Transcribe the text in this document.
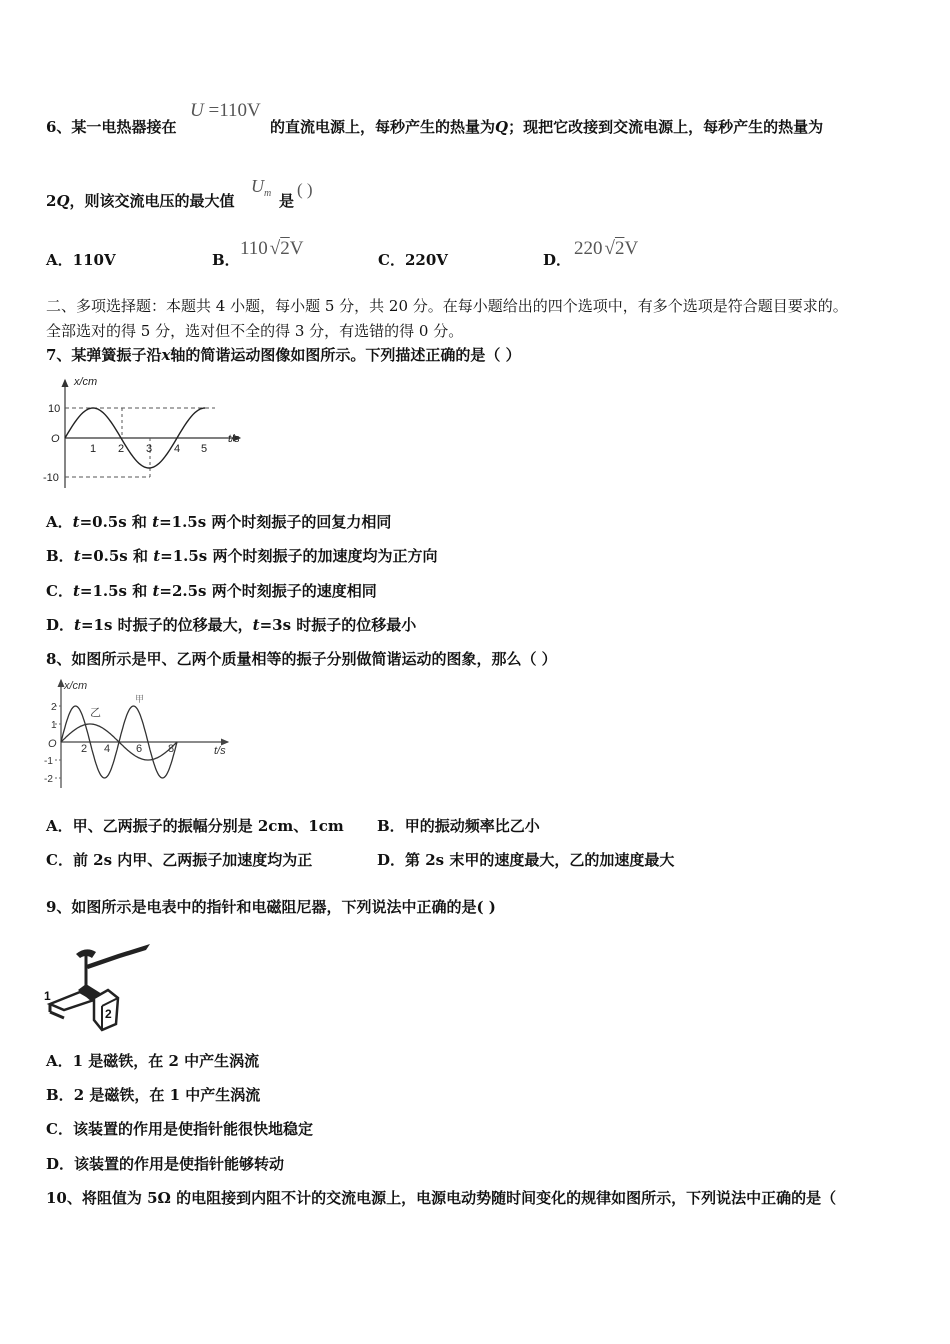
6、某一电热器接在
U =110V
的直流电源上，每秒产生的热量为Q；现把它改接到交流电源上，每秒产生的热量为
2Q，则该交流电压的最大值
$U_m$ 是
( )
A．110V	B．
110 √2V
C．220V	D．
220 √2V
二、多项选择题：本题共 4 小题，每小题 5 分，共 20 分。在每小题给出的四个选项中，有多个选项是符合题目要求的。
全部选对的得 5 分，选对但不全的得 3 分，有选错的得 0 分。
7、某弹簧振子沿x轴的简谐运动图像如图所示。下列描述正确的是（ ）
x/cm
t/s
O
10
-10
1 2 3 4 5
A．t=0.5s 和 t=1.5s 两个时刻振子的回复力相同
B．t=0.5s 和 t=1.5s 两个时刻振子的加速度均为正方向
C．t=1.5s 和 t=2.5s 两个时刻振子的速度相同
D．t=1s 时振子的位移最大，t=3s 时振子的位移最小
8、如图所示是甲、乙两个质量相等的振子分别做简谐运动的图象，那么（ ）
x/cm
t/s
O
2
1
-1
-2
2 4 6 8
乙
甲
A．甲、乙两振子的振幅分别是 2cm、1cm B．甲的振动频率比乙小
C．前 2s 内甲、乙两振子加速度均为正	D．第 2s 末甲的速度最大，乙的加速度最大
9、如图所示是电表中的指针和电磁阻尼器，下列说法中正确的是( )
1
2
A．1 是磁铁，在 2 中产生涡流
B．2 是磁铁，在 1 中产生涡流
C．该装置的作用是使指针能很快地稳定
D．该装置的作用是使指针能够转动
10、将阻值为 5Ω 的电阻接到内阻不计的交流电源上，电源电动势随时间变化的规律如图所示，下列说法中正确的是（
